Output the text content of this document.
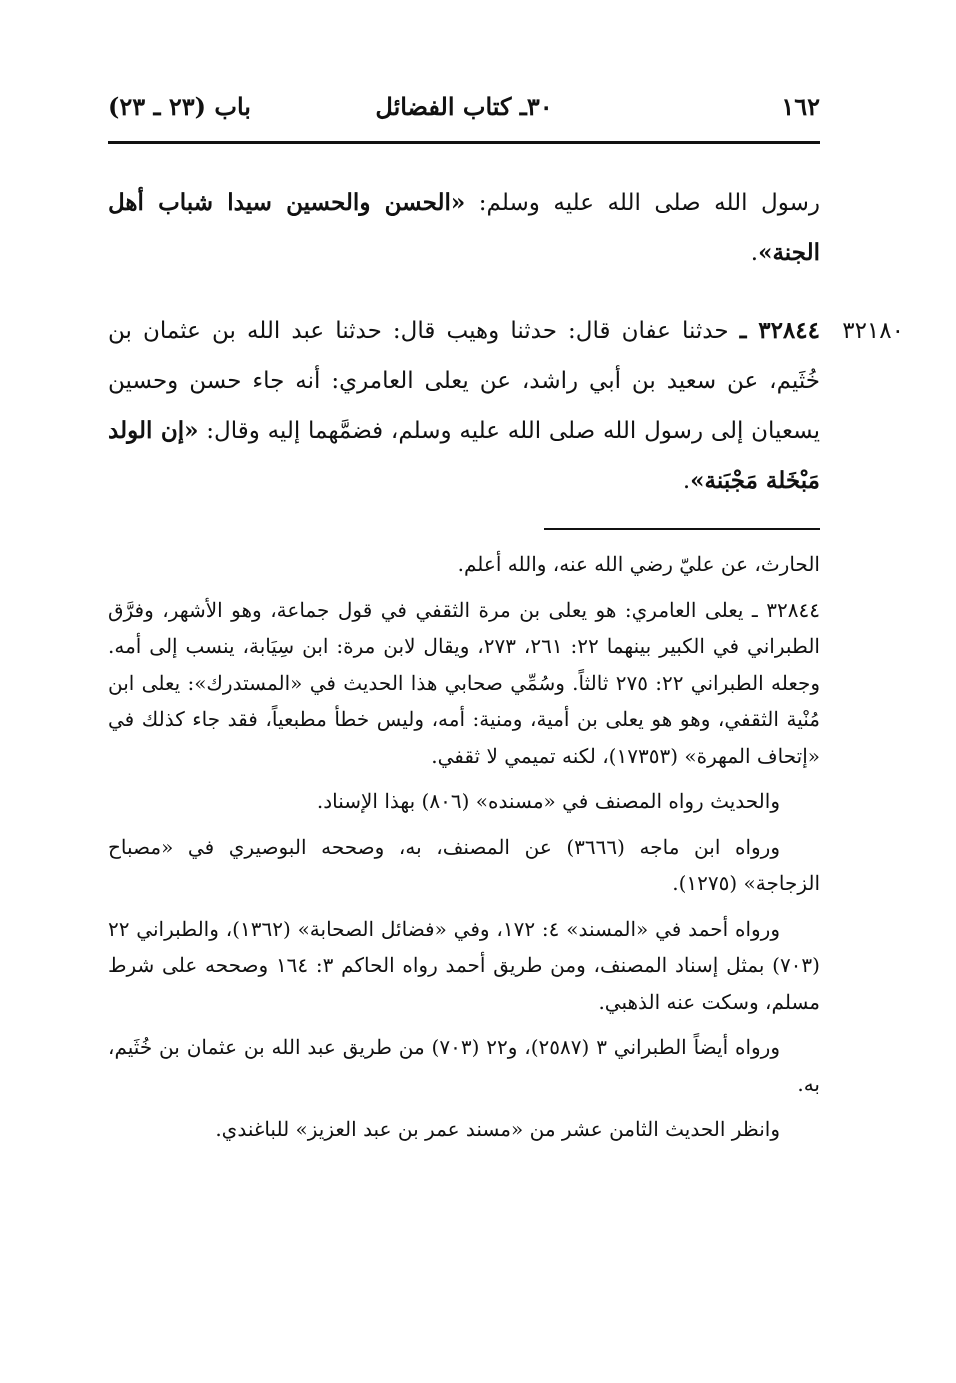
باب (٢٣ ـ ٢٣)	٣٠ـ كتاب الفضائل	١٦٢
٣٢١٨٠

رسول الله صلى الله عليه وسلم: «الحسن والحسين سيدا شباب أهل الجنة».

٣٢٨٤٤ ـ حدثنا عفان قال: حدثنا وهيب قال: حدثنا عبد الله بن عثمان بن خُثَيم، عن سعيد بن أبي راشد، عن يعلى العامري: أنه جاء حسن وحسين يسعيان إلى رسول الله صلى الله عليه وسلم، فضمَّهما إليه وقال: «إن الولد مَبْخَلة مَجْبَنة».

الحارث، عن عليّ رضي الله عنه، والله أعلم.

٣٢٨٤٤ ـ يعلى العامري: هو يعلى بن مرة الثقفي في قول جماعة، وهو الأشهر، وفرَّق الطبراني في الكبير بينهما ٢٢: ٢٦١، ٢٧٣، ويقال لابن مرة: ابن سِيَابة، ينسب إلى أمه. وجعله الطبراني ٢٢: ٢٧٥ ثالثاً. وسُمِّي صحابي هذا الحديث في «المستدرك»: يعلى ابن مُنْية الثقفي، وهو هو يعلى بن أمية، ومنية: أمه، وليس خطأ مطبعياً، فقد جاء كذلك في «إتحاف المهرة» (١٧٣٥٣)، لكنه تميمي لا ثقفي.

والحديث رواه المصنف في «مسنده» (٨٠٦) بهذا الإسناد.

ورواه ابن ماجه (٣٦٦٦) عن المصنف، به، وصححه البوصيري في «مصباح الزجاجة» (١٢٧٥).

ورواه أحمد في «المسند» ٤: ١٧٢، وفي «فضائل الصحابة» (١٣٦٢)، والطبراني ٢٢ (٧٠٣) بمثل إسناد المصنف، ومن طريق أحمد رواه الحاكم ٣: ١٦٤ وصححه على شرط مسلم، وسكت عنه الذهبي.

ورواه أيضاً الطبراني ٣ (٢٥٨٧)، و٢٢ (٧٠٣) من طريق عبد الله بن عثمان بن خُثَيم، به.

وانظر الحديث الثامن عشر من «مسند عمر بن عبد العزيز» للباغندي.
